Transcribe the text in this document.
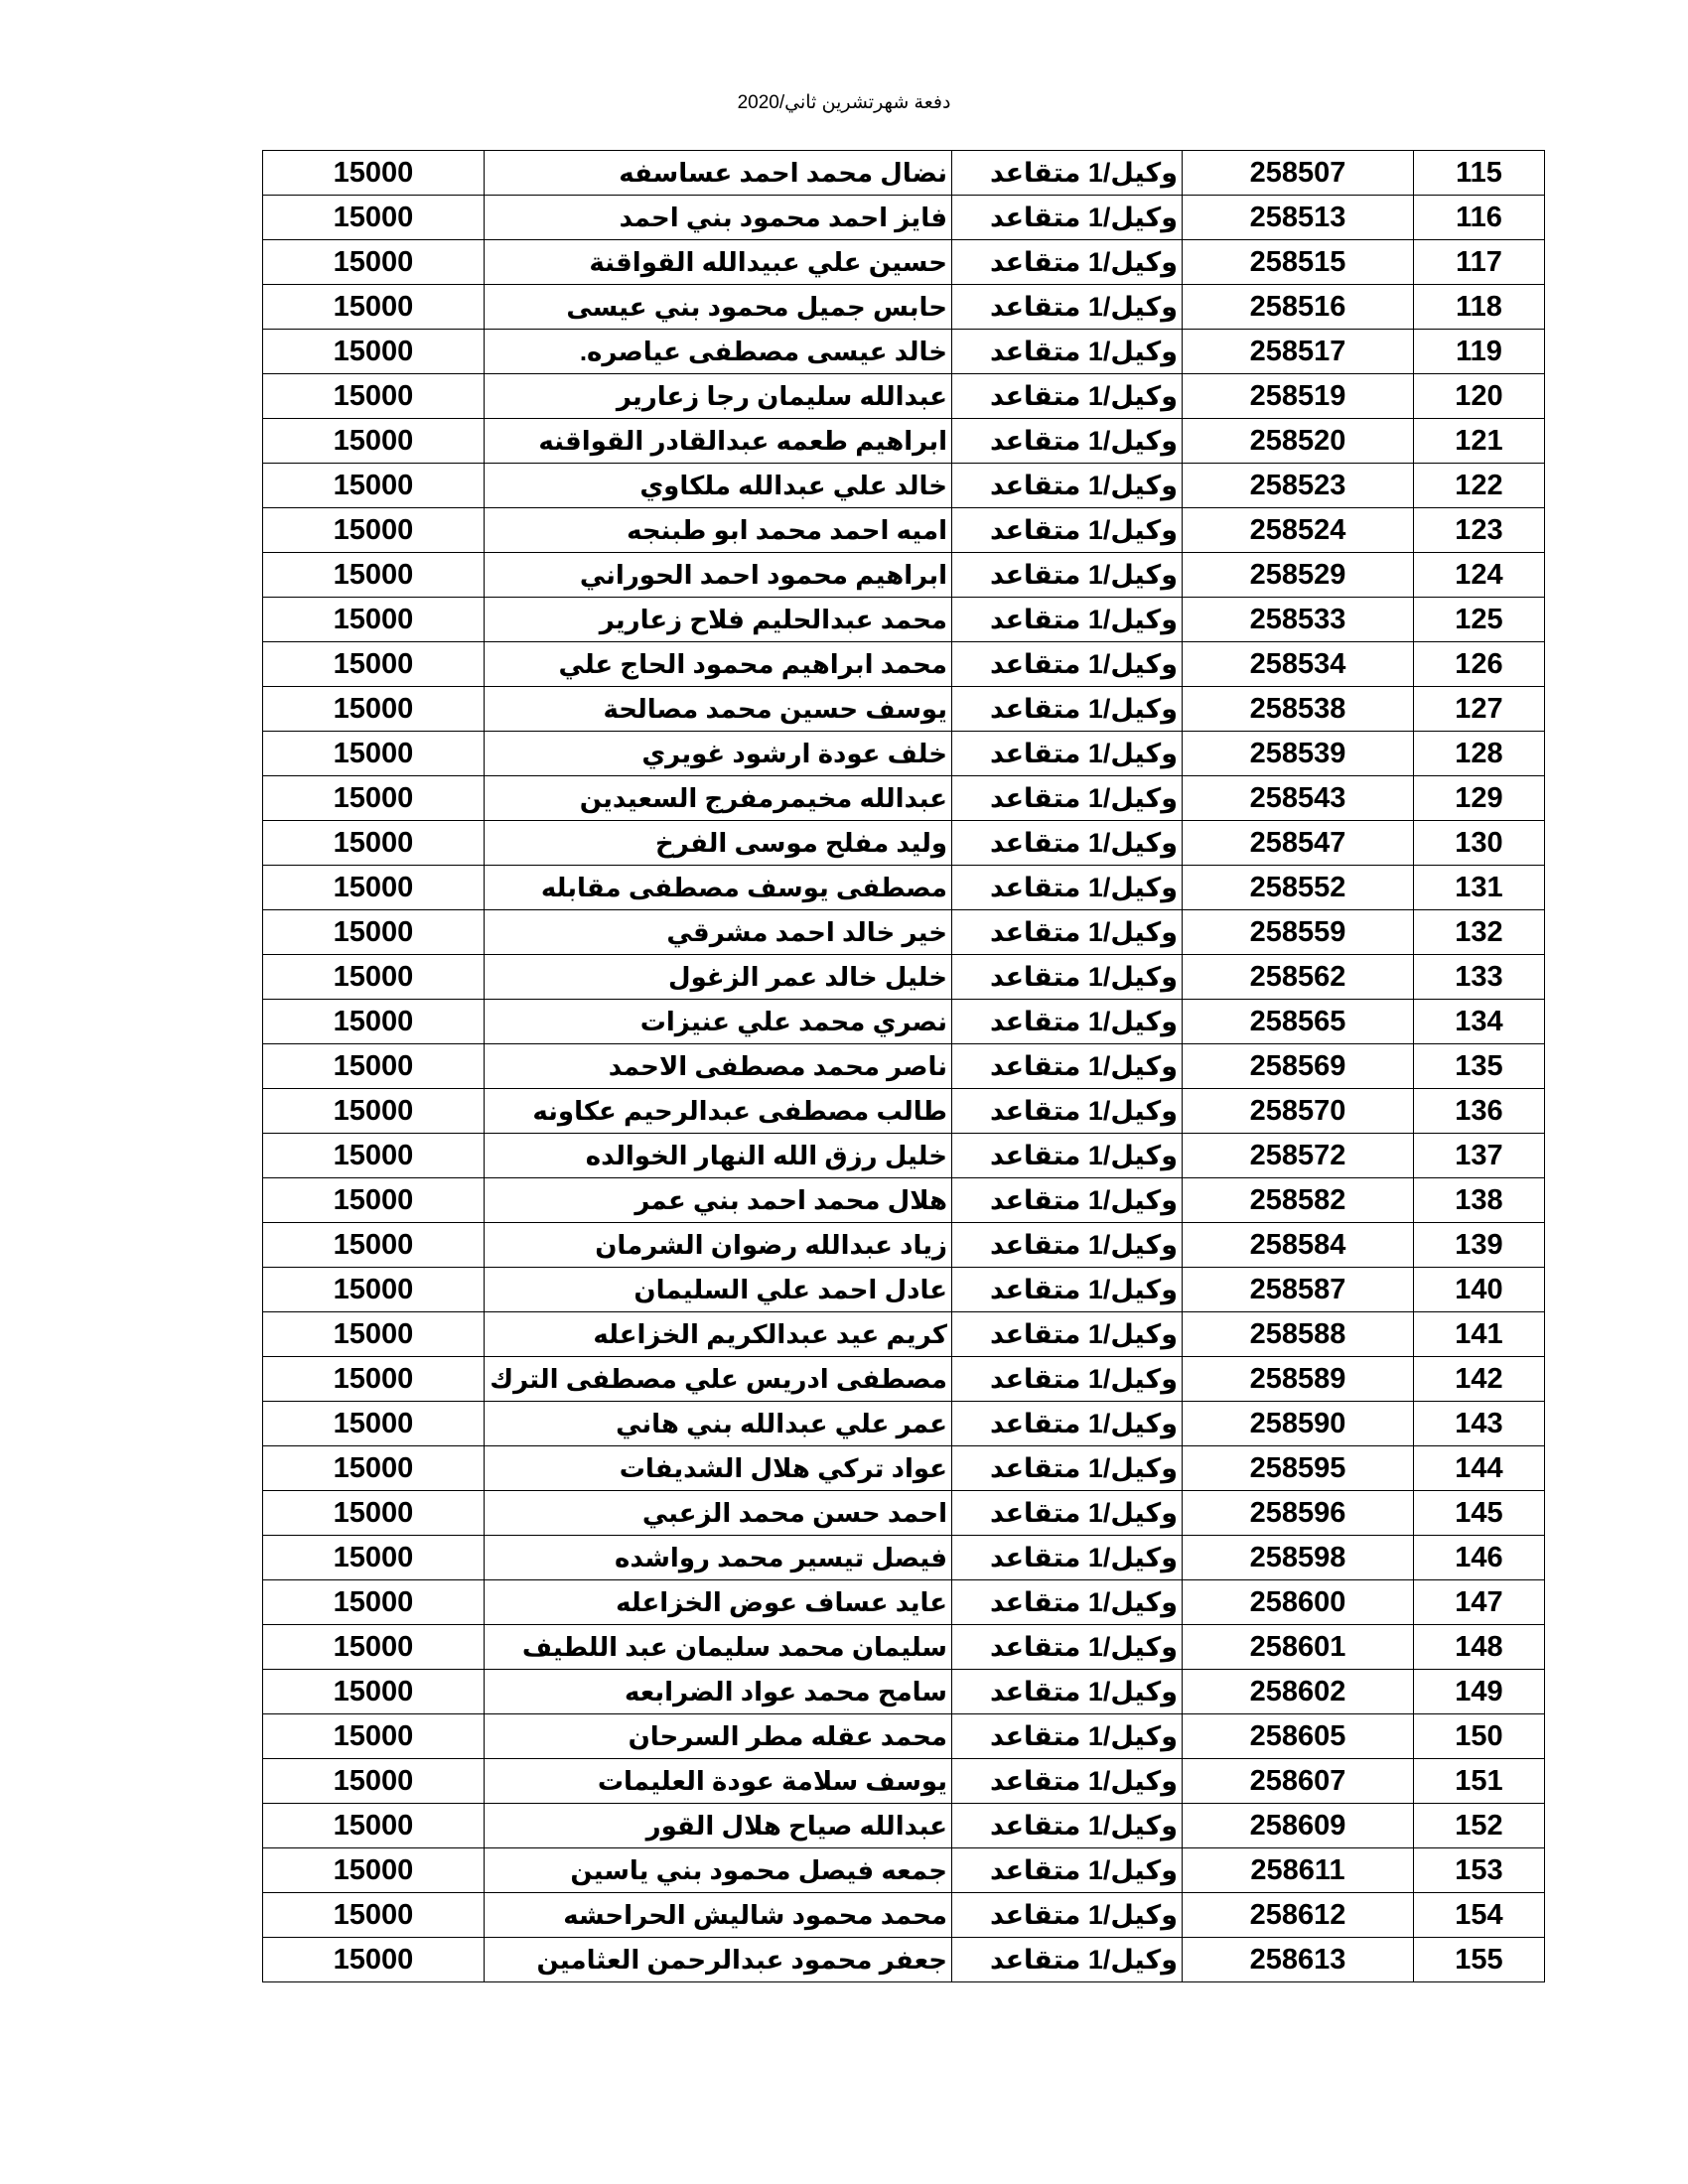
دفعة شهرتشرين ثاني/2020
115	258507	وكيل/1 متقاعد	نضال محمد احمد عساسفه	15000
116	258513	وكيل/1 متقاعد	فايز احمد محمود بني احمد	15000
117	258515	وكيل/1 متقاعد	حسين علي عبيدالله القواقنة	15000
118	258516	وكيل/1 متقاعد	حابس جميل محمود بني عيسى	15000
119	258517	وكيل/1 متقاعد	خالد عيسى مصطفى عياصره.	15000
120	258519	وكيل/1 متقاعد	عبدالله سليمان رجا زعارير	15000
121	258520	وكيل/1 متقاعد	ابراهيم طعمه عبدالقادر القواقنه	15000
122	258523	وكيل/1 متقاعد	خالد علي عبدالله ملكاوي	15000
123	258524	وكيل/1 متقاعد	اميه احمد محمد ابو طبنجه	15000
124	258529	وكيل/1 متقاعد	ابراهيم محمود احمد الحوراني	15000
125	258533	وكيل/1 متقاعد	محمد عبدالحليم فلاح زعارير	15000
126	258534	وكيل/1 متقاعد	محمد ابراهيم محمود الحاج علي	15000
127	258538	وكيل/1 متقاعد	يوسف حسين محمد مصالحة	15000
128	258539	وكيل/1 متقاعد	خلف عودة ارشود غويري	15000
129	258543	وكيل/1 متقاعد	عبدالله مخيمرمفرج السعيدين	15000
130	258547	وكيل/1 متقاعد	وليد مفلح موسى الفرخ	15000
131	258552	وكيل/1 متقاعد	مصطفى يوسف مصطفى مقابله	15000
132	258559	وكيل/1 متقاعد	خير خالد احمد مشرقي	15000
133	258562	وكيل/1 متقاعد	خليل خالد عمر الزغول	15000
134	258565	وكيل/1 متقاعد	نصري محمد علي عنيزات	15000
135	258569	وكيل/1 متقاعد	ناصر محمد مصطفى الاحمد	15000
136	258570	وكيل/1 متقاعد	طالب مصطفى عبدالرحيم عكاونه	15000
137	258572	وكيل/1 متقاعد	خليل رزق الله النهار الخوالده	15000
138	258582	وكيل/1 متقاعد	هلال محمد احمد بني عمر	15000
139	258584	وكيل/1 متقاعد	زياد عبدالله رضوان الشرمان	15000
140	258587	وكيل/1 متقاعد	عادل احمد علي السليمان	15000
141	258588	وكيل/1 متقاعد	كريم عيد عبدالكريم الخزاعله	15000
142	258589	وكيل/1 متقاعد	مصطفى ادريس علي مصطفى الترك	15000
143	258590	وكيل/1 متقاعد	عمر علي عبدالله بني هاني	15000
144	258595	وكيل/1 متقاعد	عواد تركي هلال الشديفات	15000
145	258596	وكيل/1 متقاعد	احمد حسن محمد الزعبي	15000
146	258598	وكيل/1 متقاعد	فيصل تيسير محمد رواشده	15000
147	258600	وكيل/1 متقاعد	عايد عساف عوض الخزاعله	15000
148	258601	وكيل/1 متقاعد	سليمان محمد سليمان عبد اللطيف	15000
149	258602	وكيل/1 متقاعد	سامح محمد عواد الضرابعه	15000
150	258605	وكيل/1 متقاعد	محمد عقله مطر السرحان	15000
151	258607	وكيل/1 متقاعد	يوسف سلامة عودة العليمات	15000
152	258609	وكيل/1 متقاعد	عبدالله صياح هلال القور	15000
153	258611	وكيل/1 متقاعد	جمعه فيصل محمود بني ياسين	15000
154	258612	وكيل/1 متقاعد	محمد محمود شاليش الحراحشه	15000
155	258613	وكيل/1 متقاعد	جعفر محمود عبدالرحمن العثامين	15000
